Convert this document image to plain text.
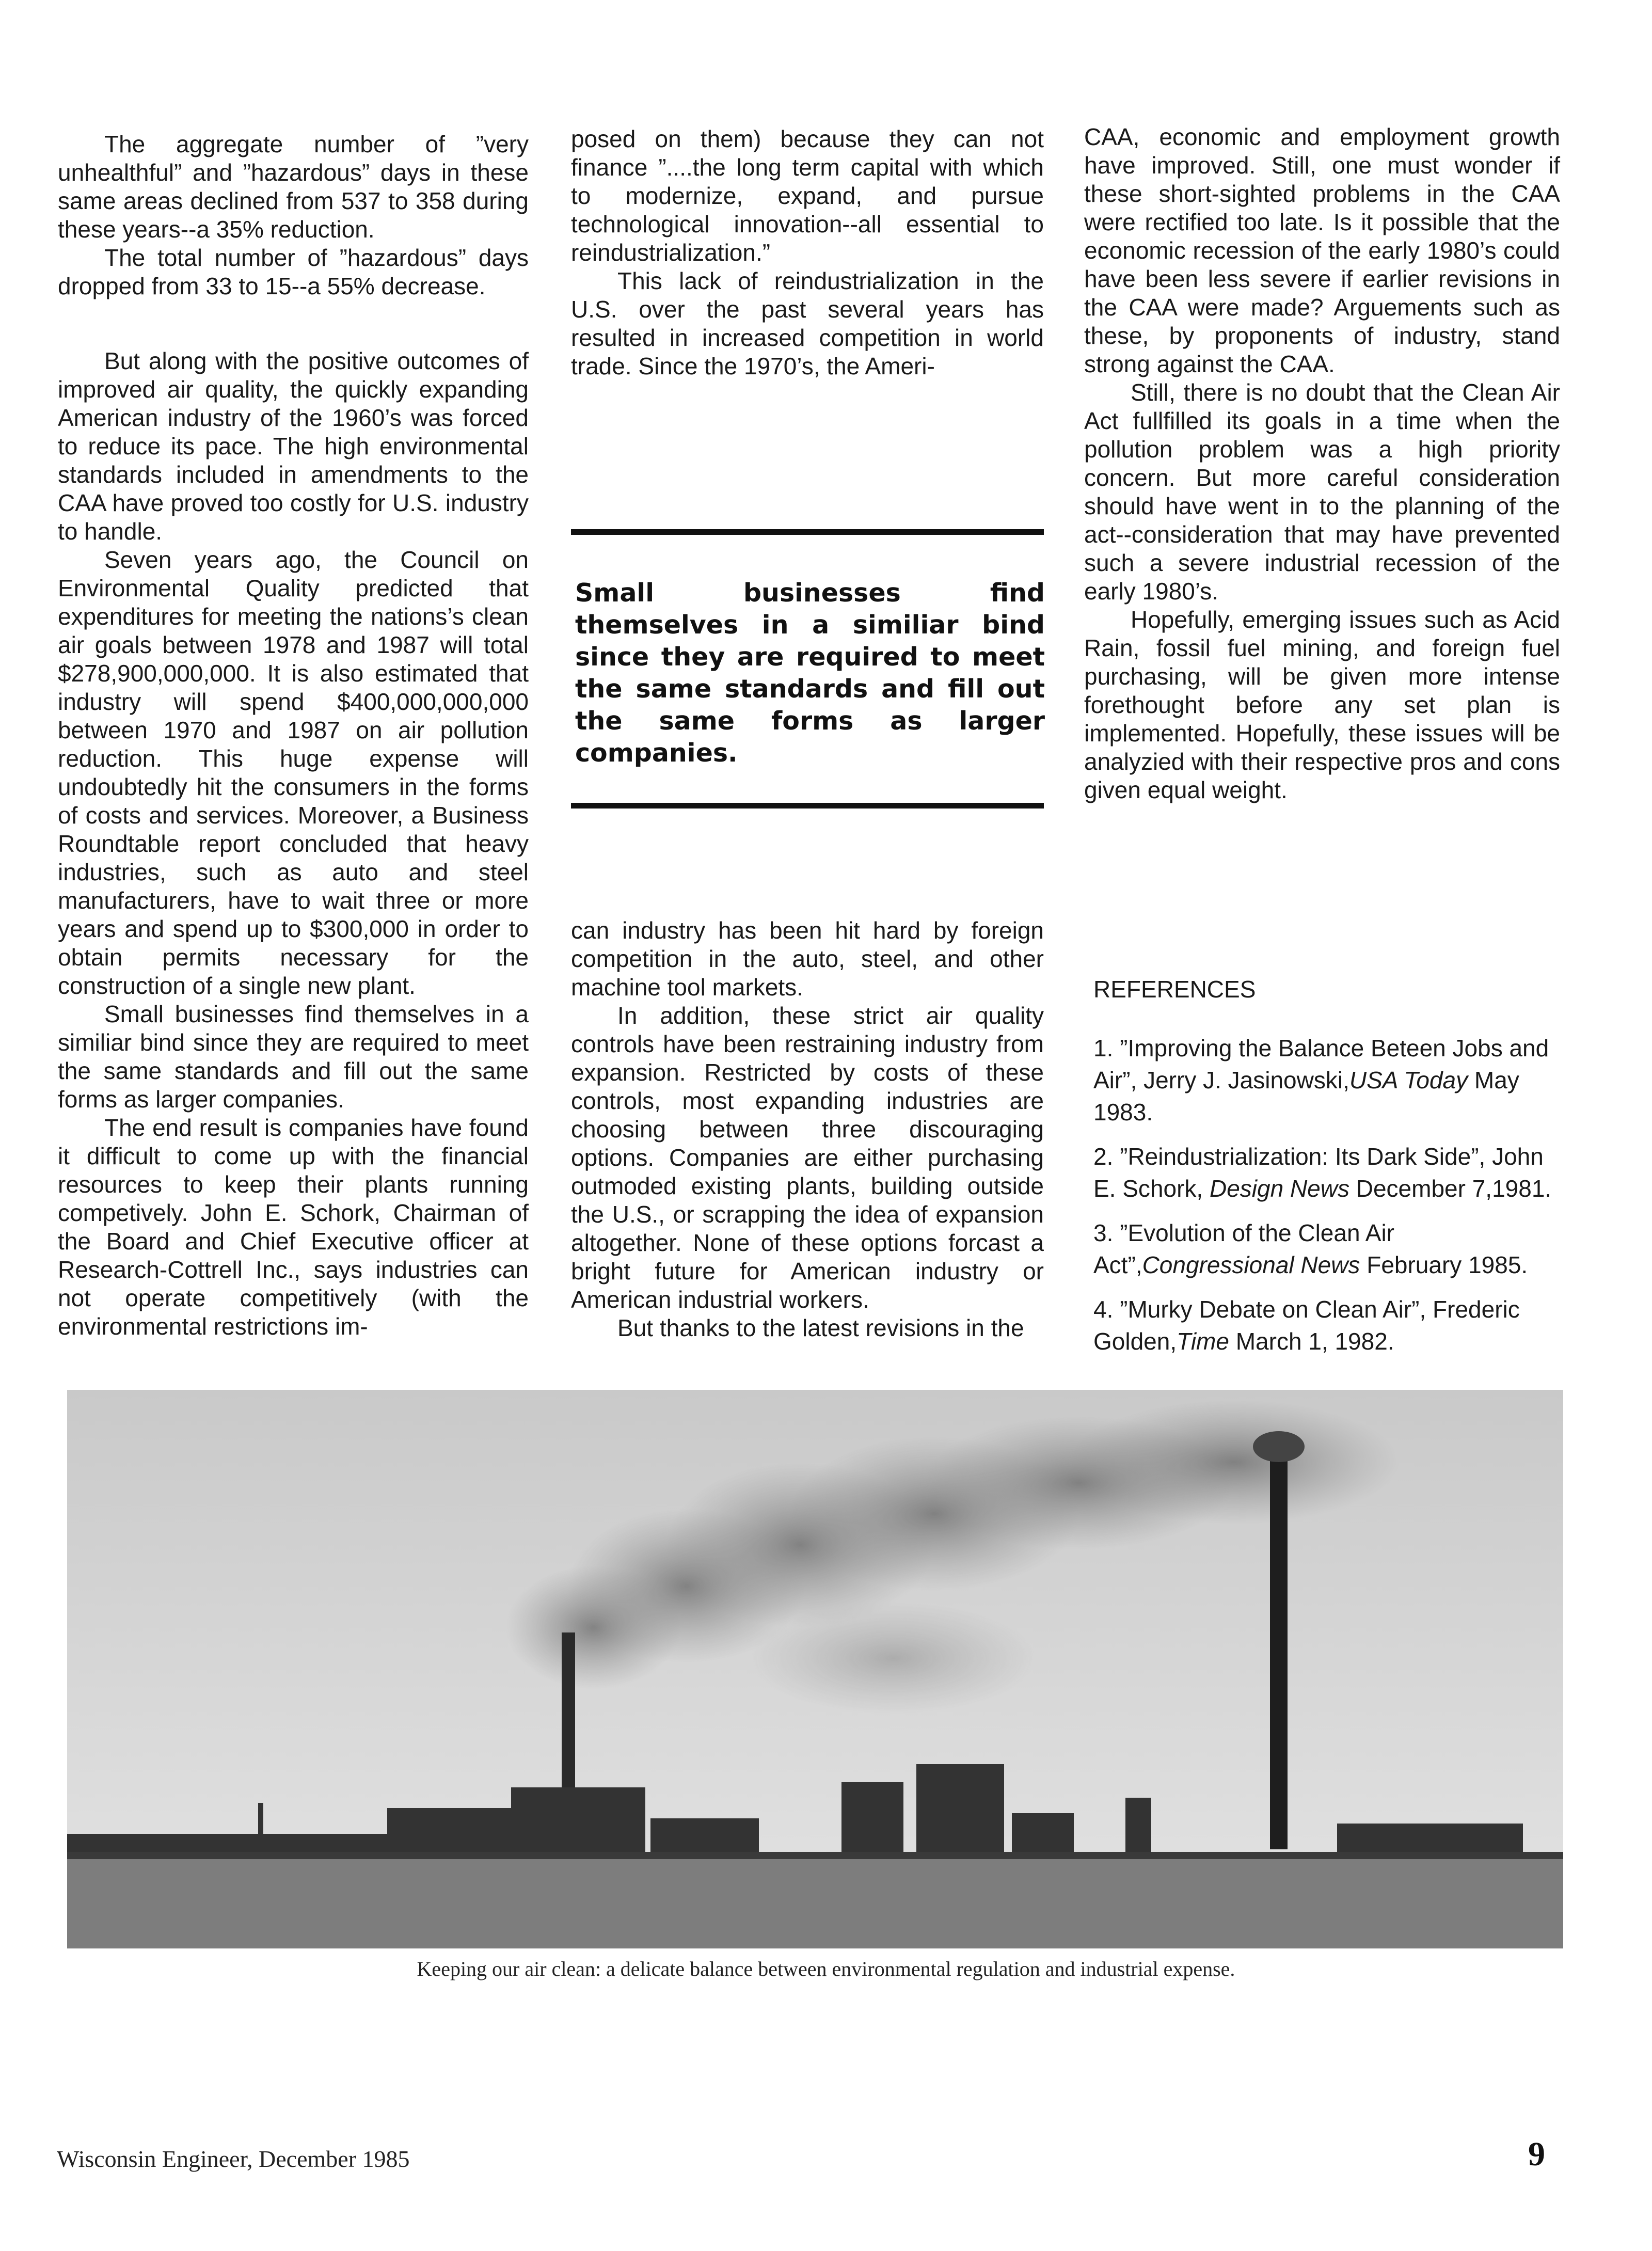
The aggregate number of ”very unhealthful” and ”hazardous” days in these same areas declined from 537 to 358 during these years--a 35% reduction.

The total number of ”hazardous” days dropped from 33 to 15--a 55% decrease.

But along with the positive outcomes of improved air quality, the quickly expanding American industry of the 1960’s was forced to reduce its pace. The high environmental standards included in amendments to the CAA have proved too costly for U.S. industry to handle.

Seven years ago, the Council on Environmental Quality predicted that expenditures for meeting the nations’s clean air goals between 1978 and 1987 will total $278,900,000,000. It is also estimated that industry will spend $400,000,000,000 between 1970 and 1987 on air pollution reduction. This huge expense will undoubtedly hit the consumers in the forms of costs and services. Moreover, a Business Roundtable report concluded that heavy industries, such as auto and steel manufacturers, have to wait three or more years and spend up to $300,000 in order to obtain permits necessary for the construction of a single new plant.

Small businesses find themselves in a similiar bind since they are required to meet the same standards and fill out the same forms as larger companies.

The end result is companies have found it difficult to come up with the financial resources to keep their plants running competively. John E. Schork, Chairman of the Board and Chief Executive officer at Research-Cottrell Inc., says industries can not operate competitively (with the environmental restrictions im-

posed on them) because they can not finance ”....the long term capital with which to modernize, expand, and pursue technological innovation--all essential to reindustrialization.”

This lack of reindustrialization in the U.S. over the past several years has resulted in increased competition in world trade. Since the 1970’s, the Ameri-

Small businesses find themselves in a similiar bind since they are required to meet the same standards and fill out the same forms as larger companies.

can industry has been hit hard by foreign competition in the auto, steel, and other machine tool markets.

In addition, these strict air quality controls have been restraining industry from expansion. Restricted by costs of these controls, most expanding industries are choosing between three discouraging options. Companies are either purchasing outmoded existing plants, building outside the U.S., or scrapping the idea of expansion altogether. None of these options forcast a bright future for American industry or American industrial workers.

But thanks to the latest revisions in the

CAA, economic and employment growth have improved. Still, one must wonder if these short-sighted problems in the CAA were rectified too late. Is it possible that the economic recession of the early 1980’s could have been less severe if earlier revisions in the CAA were made? Arguements such as these, by proponents of industry, stand strong against the CAA.

Still, there is no doubt that the Clean Air Act fullfilled its goals in a time when the pollution problem was a high priority concern. But more careful consideration should have went in to the planning of the act--consideration that may have prevented such a severe industrial recession of the early 1980’s.

Hopefully, emerging issues such as Acid Rain, fossil fuel mining, and foreign fuel purchasing, will be given more intense forethought before any set plan is implemented. Hopefully, these issues will be analyzied with their respective pros and cons given equal weight.

REFERENCES

1. ”Improving the Balance Beteen Jobs and Air”, Jerry J. Jasinowski,USA Today May 1983.

2. ”Reindustrialization: Its Dark Side”, John E. Schork, Design News December 7,1981.

3. ”Evolution of the Clean Air Act”,Congressional News February 1985.

4. ”Murky Debate on Clean Air”, Frederic Golden,Time March 1, 1982.

Keeping our air clean: a delicate balance between environmental regulation and industrial expense.
Wisconsin Engineer, December 1985	9
